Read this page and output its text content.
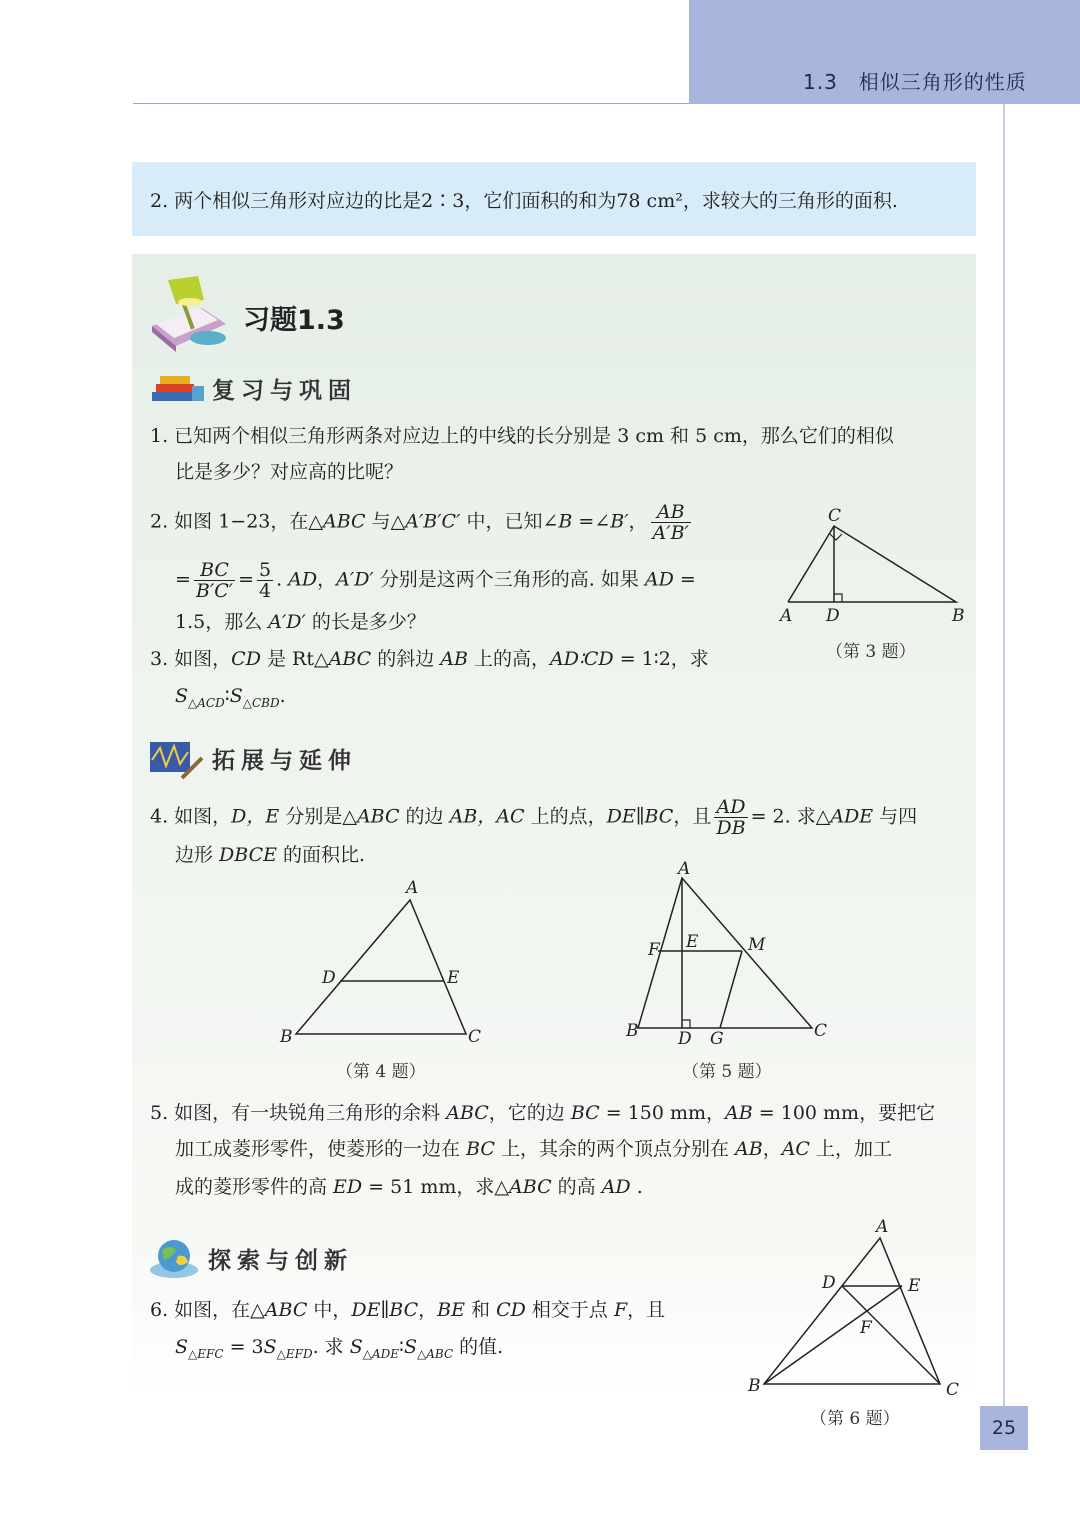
1.3　相似三角形的性质
2. 两个相似三角形对应边的比是2∶3，它们面积的和为78 cm²，求较大的三角形的面积.
习题1.3
复习与巩固
1. 已知两个相似三角形两条对应边上的中线的长分别是 3 cm 和 5 cm，那么它们的相似
比是多少？对应高的比呢？
2. 如图 1−23，在△ABC 与△A′B′C′ 中，已知∠B =∠B′， $\frac{AB}{A'B'}$
= $\frac{BC}{B'C'} = \frac{5}{4}$ . AD，A′D′ 分别是这两个三角形的高. 如果 AD =
1.5，那么 A′D′ 的长是多少？
3. 如图，CD 是 Rt△ABC 的斜边 AB 上的高，AD∶CD = 1∶2，求
$S_{\triangle ACD}∶S_{\triangle CBD}$.
C
A D	B
（第 3 题）
拓展与延伸
4. 如图，D，E 分别是△ABC 的边 AB，AC 上的点，DE∥BC，且 $\frac{AD}{DB} = 2$. 求△ADE 与四
边形 DBCE 的面积比.
A
D	E
B	C
（第 4 题）
A
F E	M
B D G	C
（第 5 题）
5. 如图，有一块锐角三角形的余料 ABC，它的边 BC = 150 mm，AB = 100 mm，要把它
加工成菱形零件，使菱形的一边在 BC 上，其余的两个顶点分别在 AB，AC 上，加工
成的菱形零件的高 ED = 51 mm，求△ABC 的高 AD .
探索与创新
6. 如图，在△ABC 中，DE∥BC，BE 和 CD 相交于点 F，且
$S_{\triangle EFC} = 3S_{\triangle EFD}$. 求 $S_{\triangle ADE}∶S_{\triangle ABC}$ 的值.
A
D	E
F
B	C
（第 6 题）	25
